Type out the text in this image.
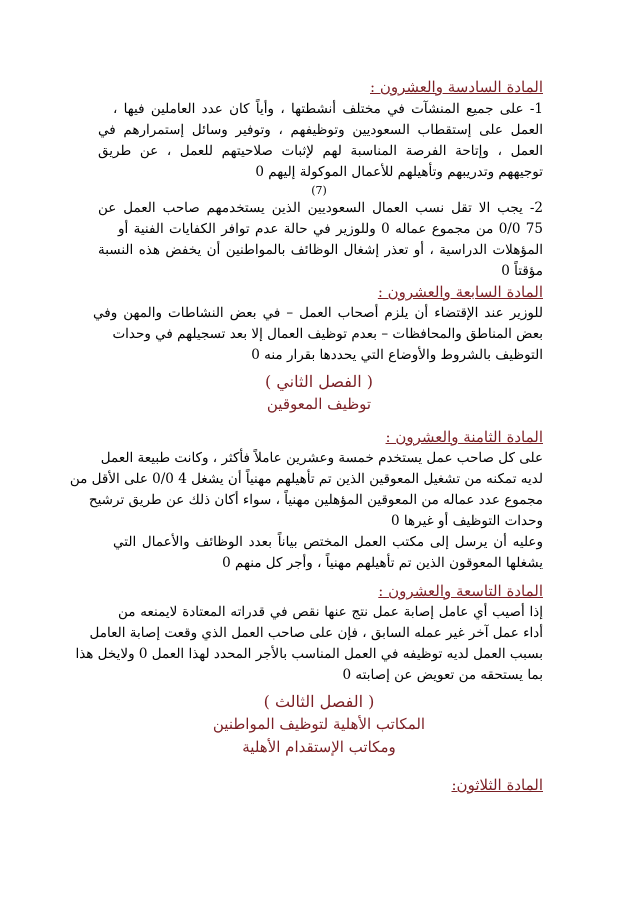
المادة السادسة والعشرون :
1- على جميع المنشآت في مختلف أنشطتها ، وأياً كان عدد العاملين فيها ،
العمل على إستقطاب السعوديين وتوظيفهم ، وتوفير وسائل إستمرارهم في
العمل ، وإتاحة الفرصة المناسبة لهم لإثبات صلاحيتهم للعمل ، عن طريق
توجيههم وتدريبهم وتأهيلهم للأعمال الموكولة إليهم 0
(7)
2- يجب الا تقل نسب العمال السعوديين الذين يستخدمهم صاحب العمل عن
75 0/0 من مجموع عماله 0 وللوزير في حالة عدم توافر الكفايات الفنية أو
المؤهلات الدراسية ، أو تعذر إشغال الوظائف بالمواطنين أن يخفض هذه النسبة
مؤقتاً 0
المادة السابعة والعشرون :
للوزير عند الإقتضاء أن يلزم أصحاب العمل – في بعض النشاطات والمهن وفي
بعض المناطق والمحافظات – بعدم توظيف العمال إلا بعد تسجيلهم في وحدات
التوظيف بالشروط والأوضاع التي يحددها بقرار منه 0
( الفصل الثاني )
توظيف المعوقين
المادة الثامنة والعشرون :
على كل صاحب عمل يستخدم خمسة وعشرين عاملاً فأكثر ، وكانت طبيعة العمل
لديه تمكنه من تشغيل المعوقين الذين تم تأهيلهم مهنياً أن يشغل 4 0/0 على الأقل من
مجموع عدد عماله من المعوقين المؤهلين مهنياً ، سواء أكان ذلك عن طريق ترشيح
وحدات التوظيف أو غيرها 0
وعليه أن يرسل إلى مكتب العمل المختص بياناً بعدد الوظائف والأعمال التي
يشغلها المعوقون الذين تم تأهيلهم مهنياً ، وأجر كل منهم 0
المادة التاسعة والعشرون :
إذا أصيب أي عامل إصابة عمل نتج عنها نقص في قدراته المعتادة لايمنعه من
أداء عمل آخر غير عمله السابق ، فإن على صاحب العمل الذي وقعت إصابة العامل
بسبب العمل لديه توظيفه في العمل المناسب بالأجر المحدد لهذا العمل 0 ولايخل هذا
بما يستحقه من تعويض عن إصابته 0
( الفصل الثالث )
المكاتب الأهلية لتوظيف المواطنين
ومكاتب الإستقدام الأهلية
المادة الثلاثون:
